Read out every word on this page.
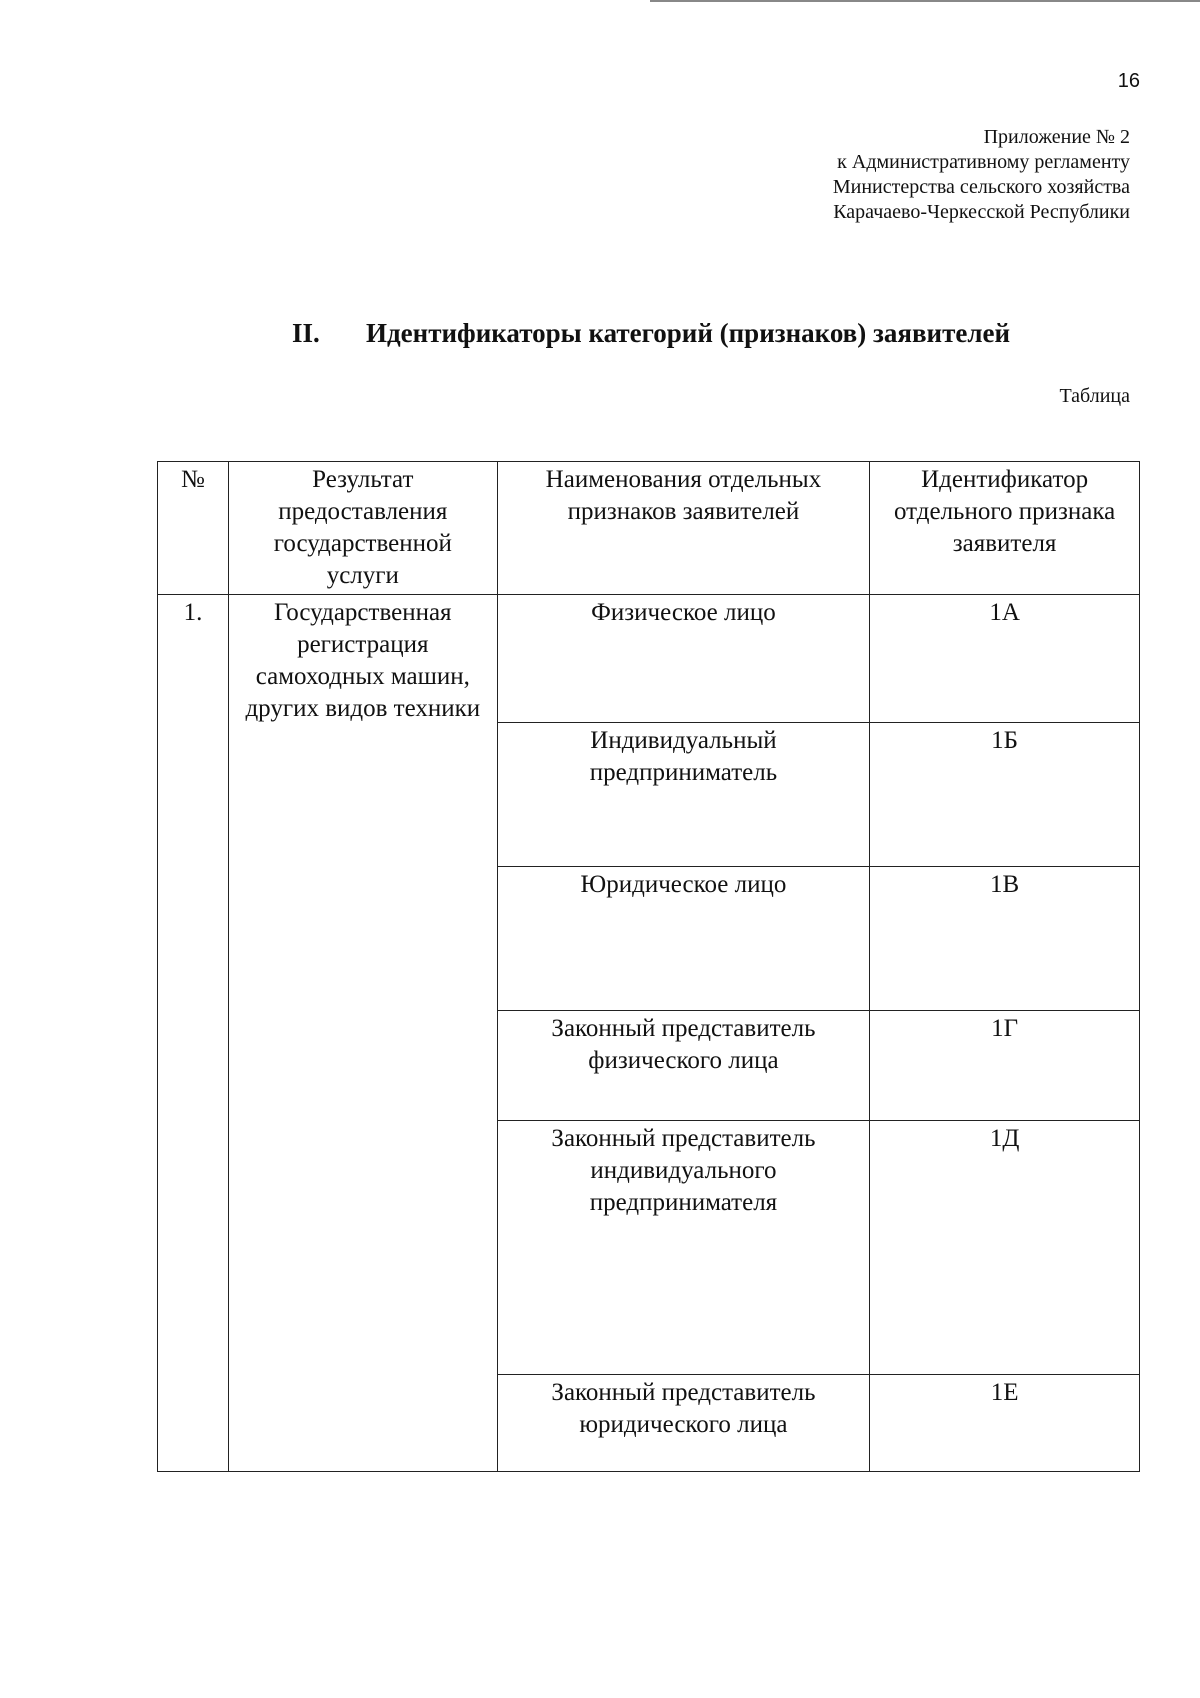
16
Приложение № 2
к Административному регламенту
Министерства сельского хозяйства
Карачаево-Черкесской Республики
II. Идентификаторы категорий (признаков) заявителей
Таблица
№	Результат предоставления государственной услуги	Наименования отдельных признаков заявителей	Идентификатор отдельного признака заявителя
1.	Государственная регистрация самоходных машин, других видов техники	Физическое лицо	1А
		Индивидуальный предприниматель	1Б
		Юридическое лицо	1В
		Законный представитель физического лица	1Г
		Законный представитель индивидуального предпринимателя	1Д
		Законный представитель юридического лица	1Е
